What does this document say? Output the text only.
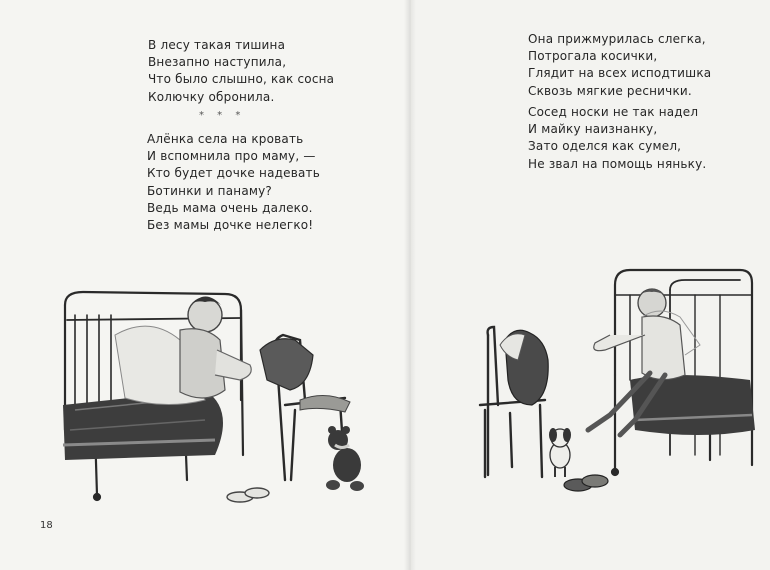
В лесу такая тишина
Внезапно наступила,
Что было слышно, как сосна
Колючку обронила.
* * *
Алёнка села на кровать
И вспомнила про маму, —
Кто будет дочке надевать
Ботинки и панаму?
Ведь мама очень далеко.
Без мамы дочке нелегко!
18
Она прижмурилась слегка,
Потрогала косички,
Глядит на всех исподтишка
Сквозь мягкие реснички.
Сосед носки не так надел
И майку наизнанку,
Зато оделся как сумел,
Не звал на помощь няньку.
